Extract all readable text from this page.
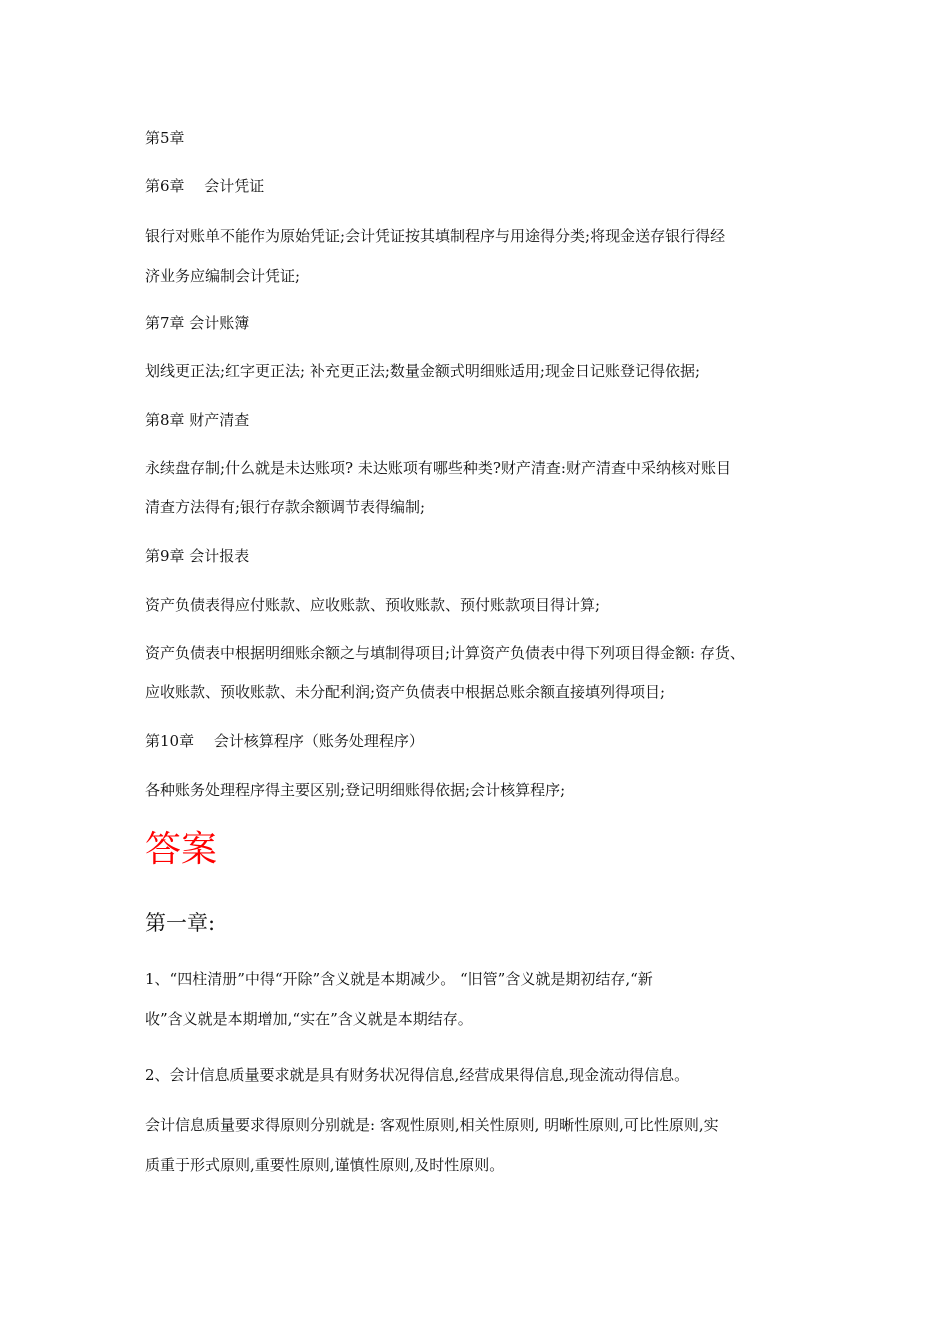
第5章
第6章　 会计凭证
银行对账单不能作为原始凭证;会计凭证按其填制程序与用途得分类;将现金送存银行得经
济业务应编制会计凭证;
第7章 会计账簿
划线更正法;红字更正法; 补充更正法;数量金额式明细账适用;现金日记账登记得依据;
第8章 财产清查
永续盘存制;什么就是未达账项? 未达账项有哪些种类?财产清查:财产清查中采纳核对账目
清查方法得有;银行存款余额调节表得编制;
第9章 会计报表
资产负债表得应付账款、应收账款、预收账款、预付账款项目得计算;
资产负债表中根据明细账余额之与填制得项目;计算资产负债表中得下列项目得金额: 存货、
应收账款、预收账款、未分配利润;资产负债表中根据总账余额直接填列得项目;
第10章　 会计核算程序（账务处理程序）
各种账务处理程序得主要区别;登记明细账得依据;会计核算程序;
答案
第一章:
1、“四柱清册”中得“开除”含义就是本期减少。 “旧管”含义就是期初结存,“新
收”含义就是本期增加,“实在”含义就是本期结存。
2、会计信息质量要求就是具有财务状况得信息,经营成果得信息,现金流动得信息。
会计信息质量要求得原则分别就是: 客观性原则,相关性原则, 明晰性原则,可比性原则,实
质重于形式原则,重要性原则,谨慎性原则,及时性原则。
